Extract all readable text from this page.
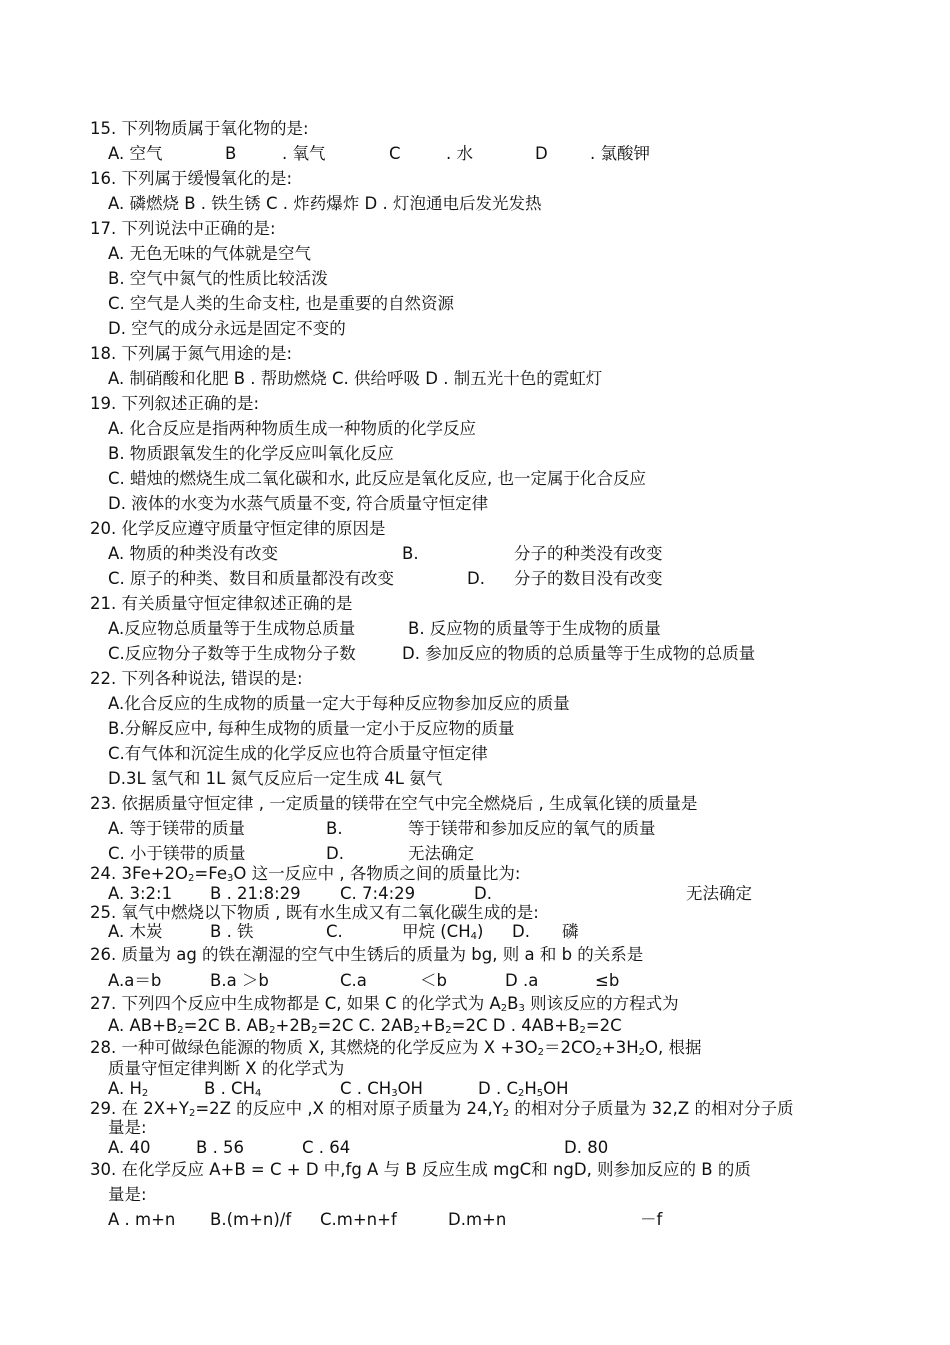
15. 下列物质属于氧化物的是:
A. 空气	B	. 氧气	C	. 水	D	. 氯酸钾
16. 下列属于缓慢氧化的是:
A. 磷燃烧 B . 铁生锈 C . 炸药爆炸 D . 灯泡通电后发光发热
17. 下列说法中正确的是:
A. 无色无味的气体就是空气
B. 空气中氮气的性质比较活泼
C. 空气是人类的生命支柱, 也是重要的自然资源
D. 空气的成分永远是固定不变的
18. 下列属于氮气用途的是:
A. 制硝酸和化肥 B . 帮助燃烧 C. 供给呼吸 D . 制五光十色的霓虹灯
19. 下列叙述正确的是:
A. 化合反应是指两种物质生成一种物质的化学反应
B. 物质跟氧发生的化学反应叫氧化反应
C. 蜡烛的燃烧生成二氧化碳和水, 此反应是氧化反应, 也一定属于化合反应
D. 液体的水变为水蒸气质量不变, 符合质量守恒定律
20. 化学反应遵守质量守恒定律的原因是
A. 物质的种类没有改变	B.	分子的种类没有改变
C. 原子的种类、数目和质量都没有改变	D. 分子的数目没有改变
21. 有关质量守恒定律叙述正确的是
A.反应物总质量等于生成物总质量	B. 反应物的质量等于生成物的质量
C.反应物分子数等于生成物分子数	D. 参加反应的物质的总质量等于生成物的总质量
22. 下列各种说法, 错误的是:
A.化合反应的生成物的质量一定大于每种反应物参加反应的质量
B.分解反应中, 每种生成物的质量一定小于反应物的质量
C.有气体和沉淀生成的化学反应也符合质量守恒定律
D.3L 氢气和 1L 氮气反应后一定生成 4L 氨气
23. 依据质量守恒定律 , 一定质量的镁带在空气中完全燃烧后 , 生成氧化镁的质量是
A. 等于镁带的质量	B.	等于镁带和参加反应的氧气的质量
C. 小于镁带的质量	D.	无法确定
24. $3Fe+2O_2=Fe_3O$ 这一反应中 , 各物质之间的质量比为:
A. 3:2:1 B . 21:8:29 C. 7:4:29	D.	无法确定
25. 氧气中燃烧以下物质 , 既有水生成又有二氧化碳生成的是:
A. 木炭	B . 铁	C.	甲烷 $(CH_4)$ D. 磷
26. 质量为 ag 的铁在潮湿的空气中生锈后的质量为 bg, 则 a 和 b 的关系是
A.a＝b	B.a ＞b	C.a	＜b	D .a	≤b
27. 下列四个反应中生成物都是 C, 如果 C 的化学式为 $A_2B_3$ 则该反应的方程式为
A. $AB+B_2=2C$ B. $AB_2+2B_2=2C$ C. $2AB_2+B_2=2C$ D . $4AB+B_2=2C$
28. 一种可做绿色能源的物质 X, 其燃烧的化学反应为 $X +3O_2=2CO_2+3H_2O$, 根据
质量守恒定律判断 X 的化学式为
A. $H_2$	B . $CH_4$	C . $CH_3OH$	D . $C_2H_5OH$
29. 在 $2X+Y_2=2Z$ 的反应中 ,X 的相对原子质量为 $24,Y_2$ 的相对分子质量为 32,Z 的相对分子质
量是:
A. 40	B . 56	C . 64	D. 80
30. 在化学反应 A+B = C + D 中,fg A 与 B 反应生成 mgC和 ngD, 则参加反应的 B 的质
量是:
A . m+n B.(m+n)/f C.m+n+f	D.m+n	－f
